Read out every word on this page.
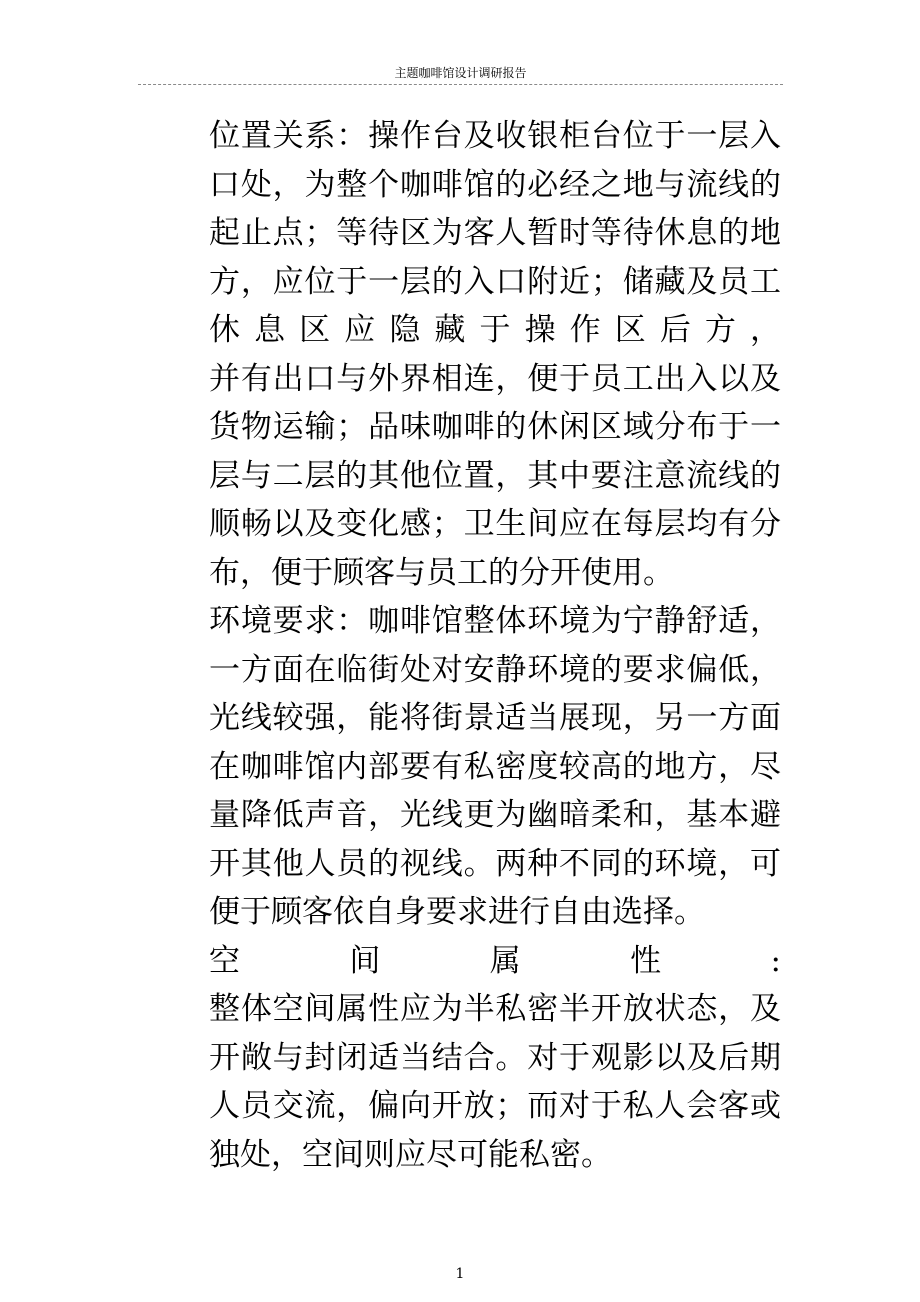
主题咖啡馆设计调研报告
位置关系：操作台及收银柜台位于一层入
口处，为整个咖啡馆的必经之地与流线的
起止点；等待区为客人暂时等待休息的地
方，应位于一层的入口附近；储藏及员工
休息区应隐藏于操作区后方，
并有出口与外界相连，便于员工出入以及
货物运输；品味咖啡的休闲区域分布于一
层与二层的其他位置，其中要注意流线的
顺畅以及变化感；卫生间应在每层均有分
布，便于顾客与员工的分开使用。
环境要求：咖啡馆整体环境为宁静舒适，
一方面在临街处对安静环境的要求偏低，
光线较强，能将街景适当展现，另一方面
在咖啡馆内部要有私密度较高的地方，尽
量降低声音，光线更为幽暗柔和，基本避
开其他人员的视线。两种不同的环境，可
便于顾客依自身要求进行自由选择。
空间属性:
整体空间属性应为半私密半开放状态，及
开敞与封闭适当结合。对于观影以及后期
人员交流，偏向开放；而对于私人会客或
独处，空间则应尽可能私密。
1
